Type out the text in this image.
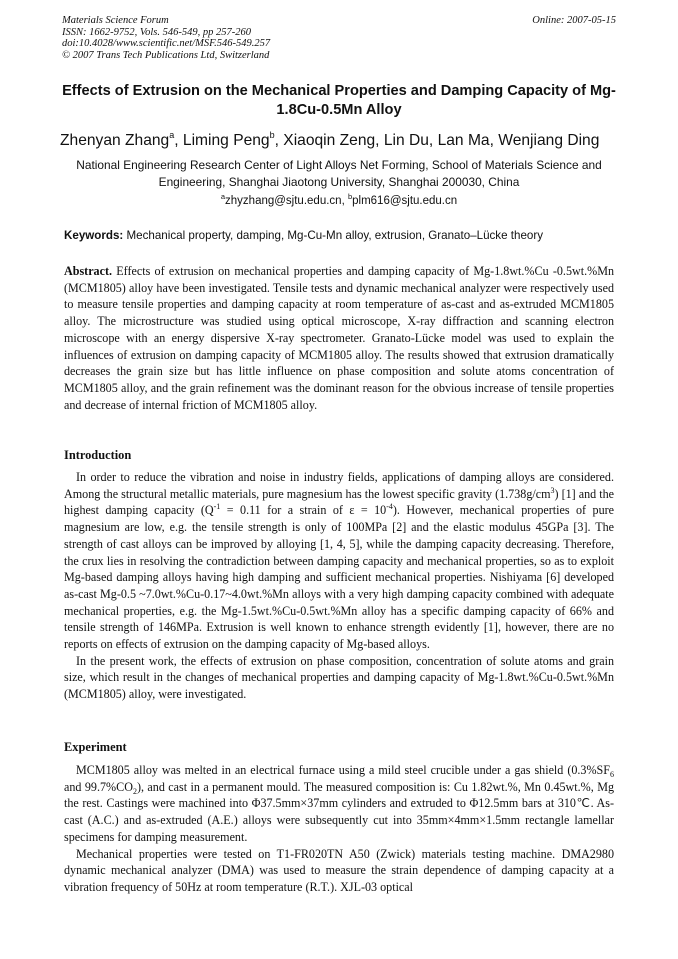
Materials Science Forum
ISSN: 1662-9752, Vols. 546-549, pp 257-260
doi:10.4028/www.scientific.net/MSF.546-549.257
© 2007 Trans Tech Publications Ltd, Switzerland
Online: 2007-05-15
Effects of Extrusion on the Mechanical Properties and Damping Capacity of Mg-1.8Cu-0.5Mn Alloy
Zhenyan Zhang$^a$, Liming Peng$^b$, Xiaoqin Zeng, Lin Du, Lan Ma, Wenjiang Ding
National Engineering Research Center of Light Alloys Net Forming, School of Materials Science and Engineering, Shanghai Jiaotong University, Shanghai 200030, China
$^a$zhyzhang@sjtu.edu.cn, $^b$plm616@sjtu.edu.cn
Keywords: Mechanical property, damping, Mg-Cu-Mn alloy, extrusion, Granato–Lücke theory
Abstract. Effects of extrusion on mechanical properties and damping capacity of Mg-1.8wt.%Cu -0.5wt.%Mn (MCM1805) alloy have been investigated. Tensile tests and dynamic mechanical analyzer were respectively used to measure tensile properties and damping capacity at room temperature of as-cast and as-extruded MCM1805 alloy. The microstructure was studied using optical microscope, X-ray diffraction and scanning electron microscope with an energy dispersive X-ray spectrometer. Granato-Lücke model was used to explain the influences of extrusion on damping capacity of MCM1805 alloy. The results showed that extrusion dramatically decreases the grain size but has little influence on phase composition and solute atoms concentration of MCM1805 alloy, and the grain refinement was the dominant reason for the obvious increase of tensile properties and decrease of internal friction of MCM1805 alloy.
Introduction

In order to reduce the vibration and noise in industry fields, applications of damping alloys are considered. Among the structural metallic materials, pure magnesium has the lowest specific gravity $(1.738g/cm^3)$ [1] and the highest damping capacity ($Q^{-1} = 0.11$ for a strain of $\varepsilon = 10^{-4}$). However, mechanical properties of pure magnesium are low, e.g. the tensile strength is only of 100MPa [2] and the elastic modulus 45GPa [3]. The strength of cast alloys can be improved by alloying [1, 4, 5], while the damping capacity decreasing. Therefore, the crux lies in resolving the contradiction between damping capacity and mechanical properties, so as to exploit Mg-based damping alloys having high damping and sufficient mechanical properties. Nishiyama [6] developed as-cast Mg-0.5 ~7.0wt.%Cu-0.17~4.0wt.%Mn alloys with a very high damping capacity combined with adequate mechanical properties, e.g. the Mg-1.5wt.%Cu-0.5wt.%Mn alloy has a specific damping capacity of 66% and tensile strength of 146MPa. Extrusion is well known to enhance strength evidently [1], however, there are no reports on effects of extrusion on the damping capacity of Mg-based alloys.

In the present work, the effects of extrusion on phase composition, concentration of solute atoms and grain size, which result in the changes of mechanical properties and damping capacity of Mg-1.8wt.%Cu-0.5wt.%Mn (MCM1805) alloy, were investigated.

Experiment

MCM1805 alloy was melted in an electrical furnace using a mild steel crucible under a gas shield ($0.3\%SF_6$ and $99.7\%CO_2$), and cast in a permanent mould. The measured composition is: Cu 1.82wt.%, Mn 0.45wt.%, Mg the rest. Castings were machined into Φ37.5mm×37mm cylinders and extruded to Φ12.5mm bars at 310℃. As-cast (A.C.) and as-extruded (A.E.) alloys were subsequently cut into 35mm×4mm×1.5mm rectangle lamellar specimens for damping measurement.

Mechanical properties were tested on T1-FR020TN A50 (Zwick) materials testing machine. DMA2980 dynamic mechanical analyzer (DMA) was used to measure the strain dependence of damping capacity at a vibration frequency of 50Hz at room temperature (R.T.). XJL-03 optical
